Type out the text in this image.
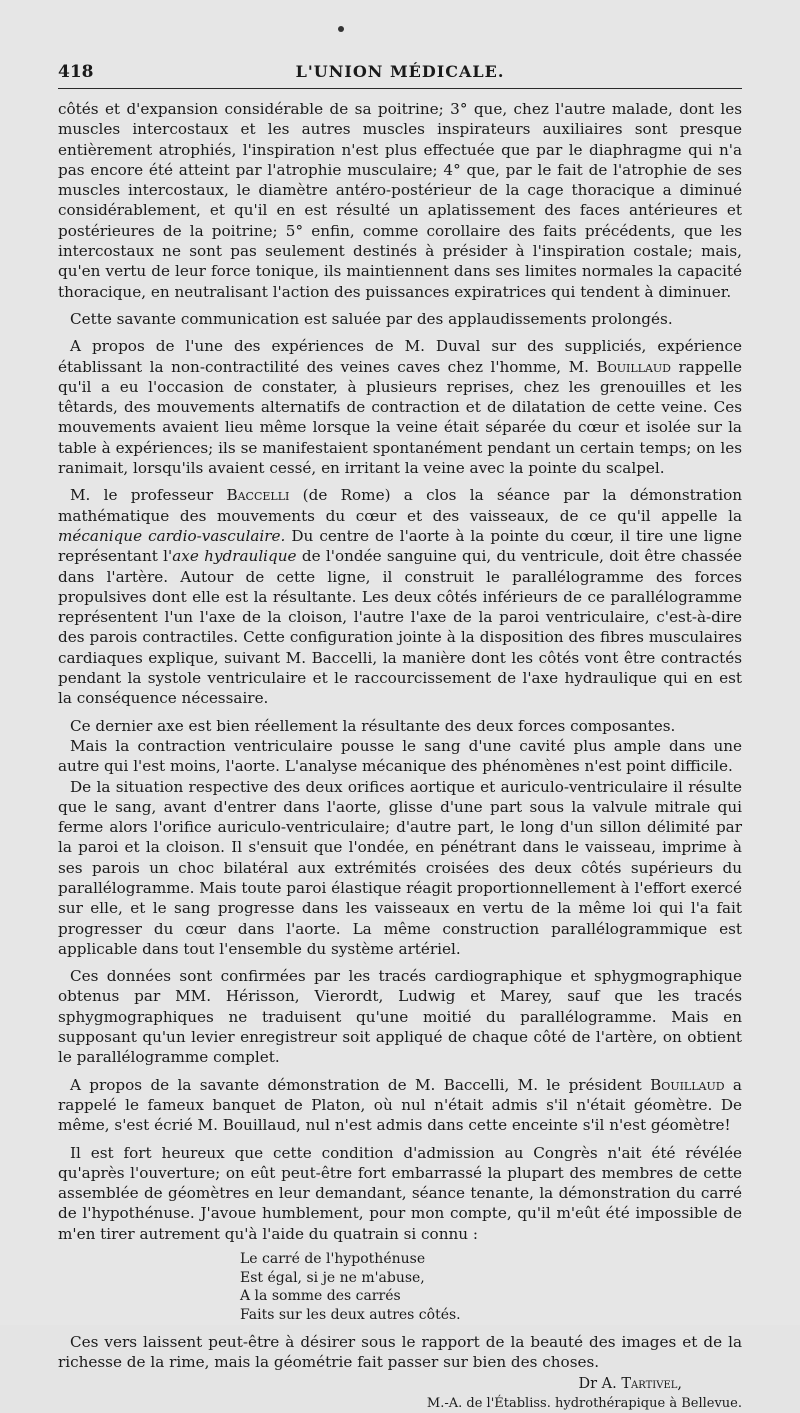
418	L'UNION MÉDICALE.

côtés et d'expansion considérable de sa poitrine; 3° que, chez l'autre malade, dont les muscles intercostaux et les autres muscles inspirateurs auxiliaires sont presque entièrement atrophiés, l'inspiration n'est plus effectuée que par le diaphragme qui n'a pas encore été atteint par l'atrophie musculaire; 4° que, par le fait de l'atrophie de ses muscles intercostaux, le diamètre antéro-postérieur de la cage thoracique a diminué considérablement, et qu'il en est résulté un aplatissement des faces antérieures et postérieures de la poitrine; 5° enfin, comme corollaire des faits précédents, que les intercostaux ne sont pas seulement destinés à présider à l'inspiration costale; mais, qu'en vertu de leur force tonique, ils maintiennent dans ses limites normales la capacité thoracique, en neutralisant l'action des puissances expiratrices qui tendent à diminuer.

Cette savante communication est saluée par des applaudissements prolongés.

A propos de l'une des expériences de M. Duval sur des suppliciés, expérience établissant la non-contractilité des veines caves chez l'homme, M. Bouillaud rappelle qu'il a eu l'occasion de constater, à plusieurs reprises, chez les grenouilles et les têtards, des mouvements alternatifs de contraction et de dilatation de cette veine. Ces mouvements avaient lieu même lorsque la veine était séparée du cœur et isolée sur la table à expériences; ils se manifestaient spontanément pendant un certain temps; on les ranimait, lorsqu'ils avaient cessé, en irritant la veine avec la pointe du scalpel.

M. le professeur Baccelli (de Rome) a clos la séance par la démonstration mathématique des mouvements du cœur et des vaisseaux, de ce qu'il appelle la mécanique cardio-vasculaire. Du centre de l'aorte à la pointe du cœur, il tire une ligne représentant l'axe hydraulique de l'ondée sanguine qui, du ventricule, doit être chassée dans l'artère. Autour de cette ligne, il construit le parallélogramme des forces propulsives dont elle est la résultante. Les deux côtés inférieurs de ce parallélogramme représentent l'un l'axe de la cloison, l'autre l'axe de la paroi ventriculaire, c'est-à-dire des parois contractiles. Cette configuration jointe à la disposition des fibres musculaires cardiaques explique, suivant M. Baccelli, la manière dont les côtés vont être contractés pendant la systole ventriculaire et le raccourcissement de l'axe hydraulique qui en est la conséquence nécessaire.

Ce dernier axe est bien réellement la résultante des deux forces composantes.

Mais la contraction ventriculaire pousse le sang d'une cavité plus ample dans une autre qui l'est moins, l'aorte. L'analyse mécanique des phénomènes n'est point difficile.

De la situation respective des deux orifices aortique et auriculo-ventriculaire il résulte que le sang, avant d'entrer dans l'aorte, glisse d'une part sous la valvule mitrale qui ferme alors l'orifice auriculo-ventriculaire; d'autre part, le long d'un sillon délimité par la paroi et la cloison. Il s'ensuit que l'ondée, en pénétrant dans le vaisseau, imprime à ses parois un choc bilatéral aux extrémités croisées des deux côtés supérieurs du parallélogramme. Mais toute paroi élastique réagit proportionnellement à l'effort exercé sur elle, et le sang progresse dans les vaisseaux en vertu de la même loi qui l'a fait progresser du cœur dans l'aorte. La même construction parallélogrammique est applicable dans tout l'ensemble du système artériel.

Ces données sont confirmées par les tracés cardiographique et sphygmographique obtenus par MM. Hérisson, Vierordt, Ludwig et Marey, sauf que les tracés sphygmographiques ne traduisent qu'une moitié du parallélogramme. Mais en supposant qu'un levier enregistreur soit appliqué de chaque côté de l'artère, on obtient le parallélogramme complet.

A propos de la savante démonstration de M. Baccelli, M. le président Bouillaud a rappelé le fameux banquet de Platon, où nul n'était admis s'il n'était géomètre. De même, s'est écrié M. Bouillaud, nul n'est admis dans cette enceinte s'il n'est géomètre!

Il est fort heureux que cette condition d'admission au Congrès n'ait été révélée qu'après l'ouverture; on eût peut-être fort embarrassé la plupart des membres de cette assemblée de géomètres en leur demandant, séance tenante, la démonstration du carré de l'hypothénuse. J'avoue humblement, pour mon compte, qu'il m'eût été impossible de m'en tirer autrement qu'à l'aide du quatrain si connu :

Le carré de l'hypothénuse
Est égal, si je ne m'abuse,
A la somme des carrés
Faits sur les deux autres côtés.

Ces vers laissent peut-être à désirer sous le rapport de la beauté des images et de la richesse de la rime, mais la géométrie fait passer sur bien des choses.

Dr A. Tartivel,
M.-A. de l'Établiss. hydrothérapique à Bellevue.
